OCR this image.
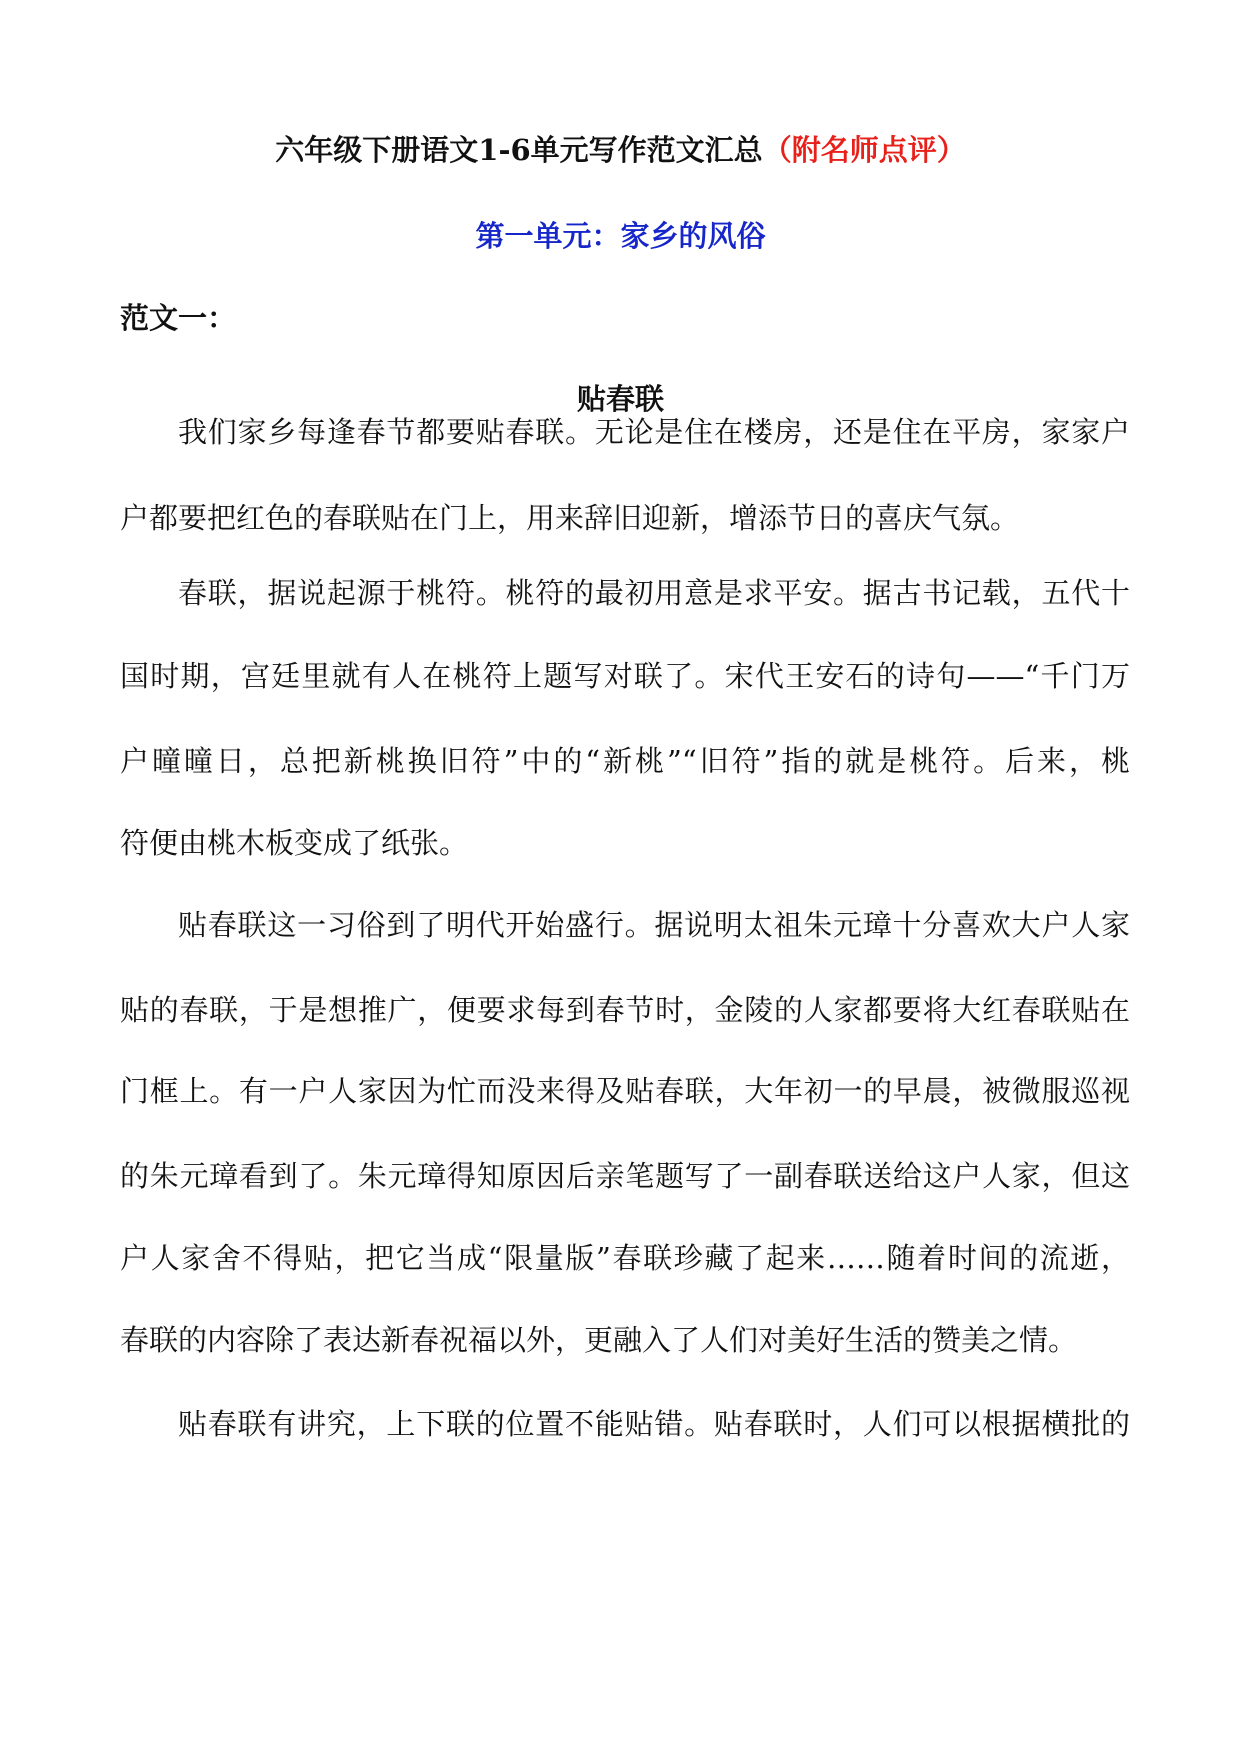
六年级下册语文1-6单元写作范文汇总（附名师点评）
第一单元：家乡的风俗
范文一：
贴春联
我们家乡每逢春节都要贴春联。无论是住在楼房，还是住在平房，家家户
户都要把红色的春联贴在门上，用来辞旧迎新，增添节日的喜庆气氛。
春联，据说起源于桃符。桃符的最初用意是求平安。据古书记载，五代十
国时期，宫廷里就有人在桃符上题写对联了。宋代王安石的诗句——“千门万
户曈曈日，总把新桃换旧符”中的“新桃”“旧符”指的就是桃符。后来，桃
符便由桃木板变成了纸张。
贴春联这一习俗到了明代开始盛行。据说明太祖朱元璋十分喜欢大户人家
贴的春联，于是想推广，便要求每到春节时，金陵的人家都要将大红春联贴在
门框上。有一户人家因为忙而没来得及贴春联，大年初一的早晨，被微服巡视
的朱元璋看到了。朱元璋得知原因后亲笔题写了一副春联送给这户人家，但这
户人家舍不得贴，把它当成“限量版”春联珍藏了起来……随着时间的流逝，
春联的内容除了表达新春祝福以外，更融入了人们对美好生活的赞美之情。
贴春联有讲究，上下联的位置不能贴错。贴春联时，人们可以根据横批的
